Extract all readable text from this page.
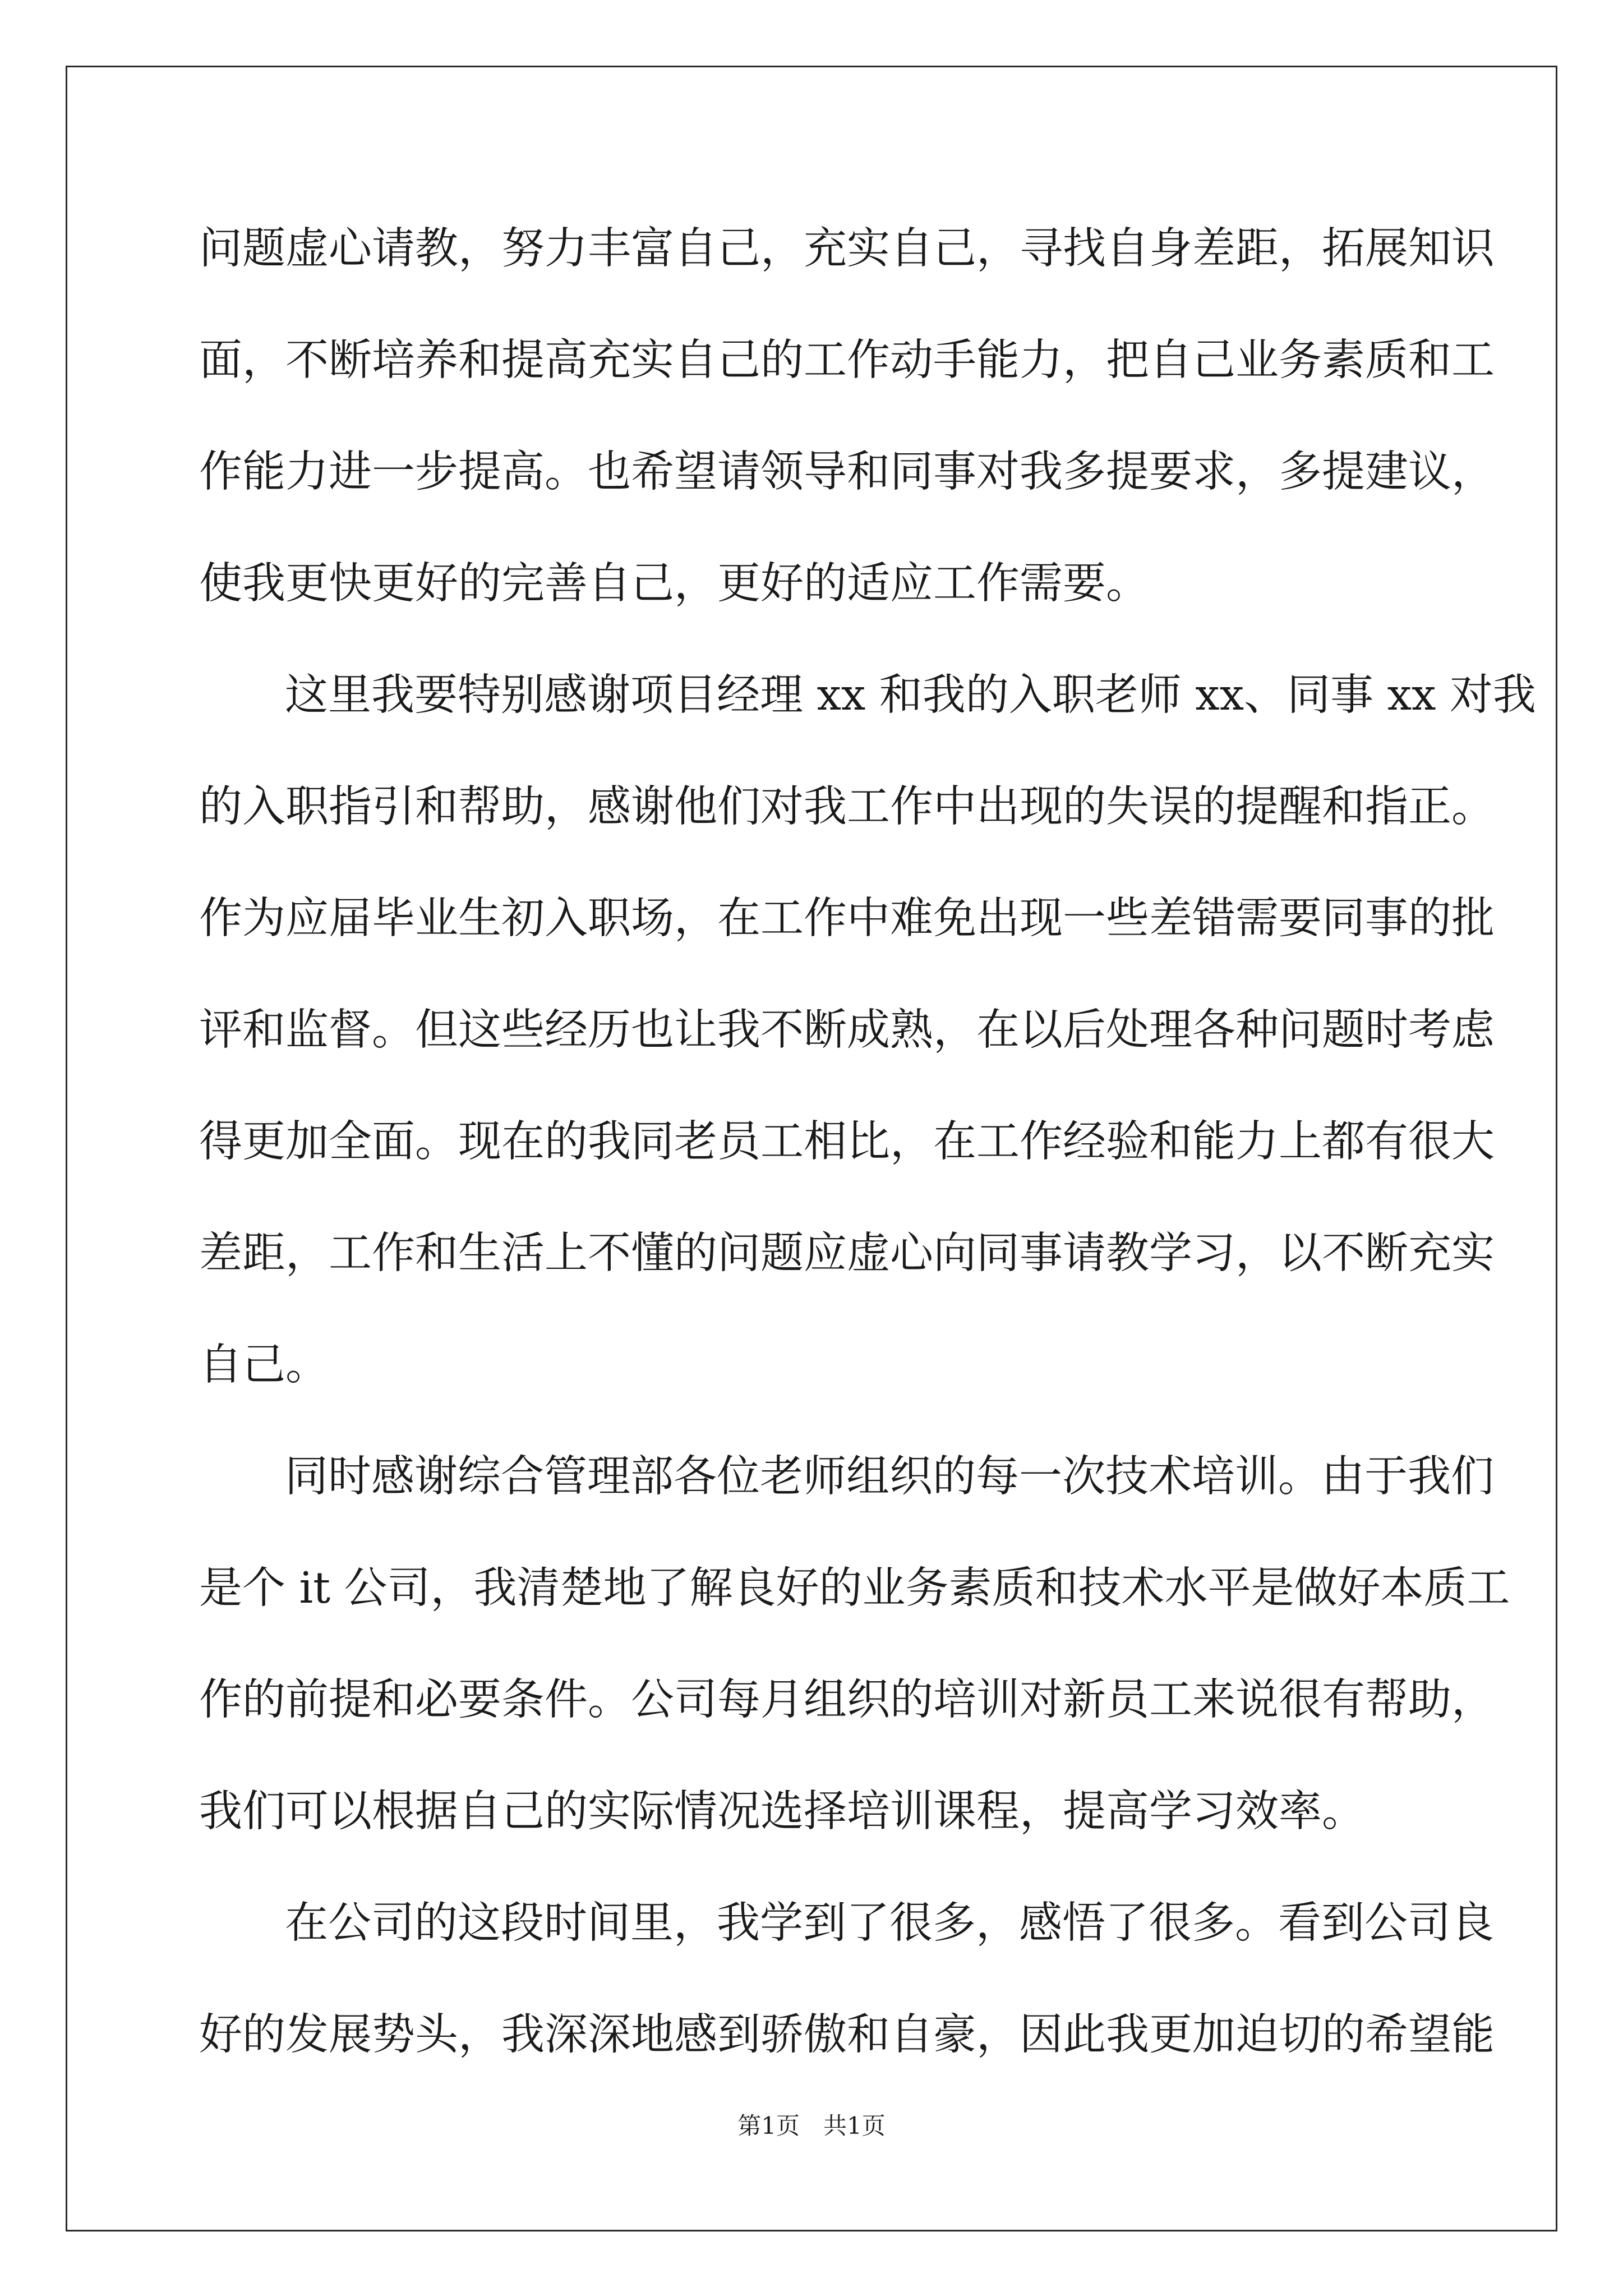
问题虚心请教，努力丰富自己，充实自己，寻找自身差距，拓展知识
面，不断培养和提高充实自己的工作动手能力，把自己业务素质和工
作能力进一步提高。也希望请领导和同事对我多提要求，多提建议，
使我更快更好的完善自己，更好的适应工作需要。
这里我要特别感谢项目经理 xx 和我的入职老师 xx、同事 xx 对我
的入职指引和帮助，感谢他们对我工作中出现的失误的提醒和指正。
作为应届毕业生初入职场，在工作中难免出现一些差错需要同事的批
评和监督。但这些经历也让我不断成熟，在以后处理各种问题时考虑
得更加全面。现在的我同老员工相比，在工作经验和能力上都有很大
差距，工作和生活上不懂的问题应虚心向同事请教学习，以不断充实
自己。
同时感谢综合管理部各位老师组织的每一次技术培训。由于我们
是个 it 公司，我清楚地了解良好的业务素质和技术水平是做好本质工
作的前提和必要条件。公司每月组织的培训对新员工来说很有帮助，
我们可以根据自己的实际情况选择培训课程，提高学习效率。
在公司的这段时间里，我学到了很多，感悟了很多。看到公司良
好的发展势头，我深深地感到骄傲和自豪，因此我更加迫切的希望能
第1页　共1页
